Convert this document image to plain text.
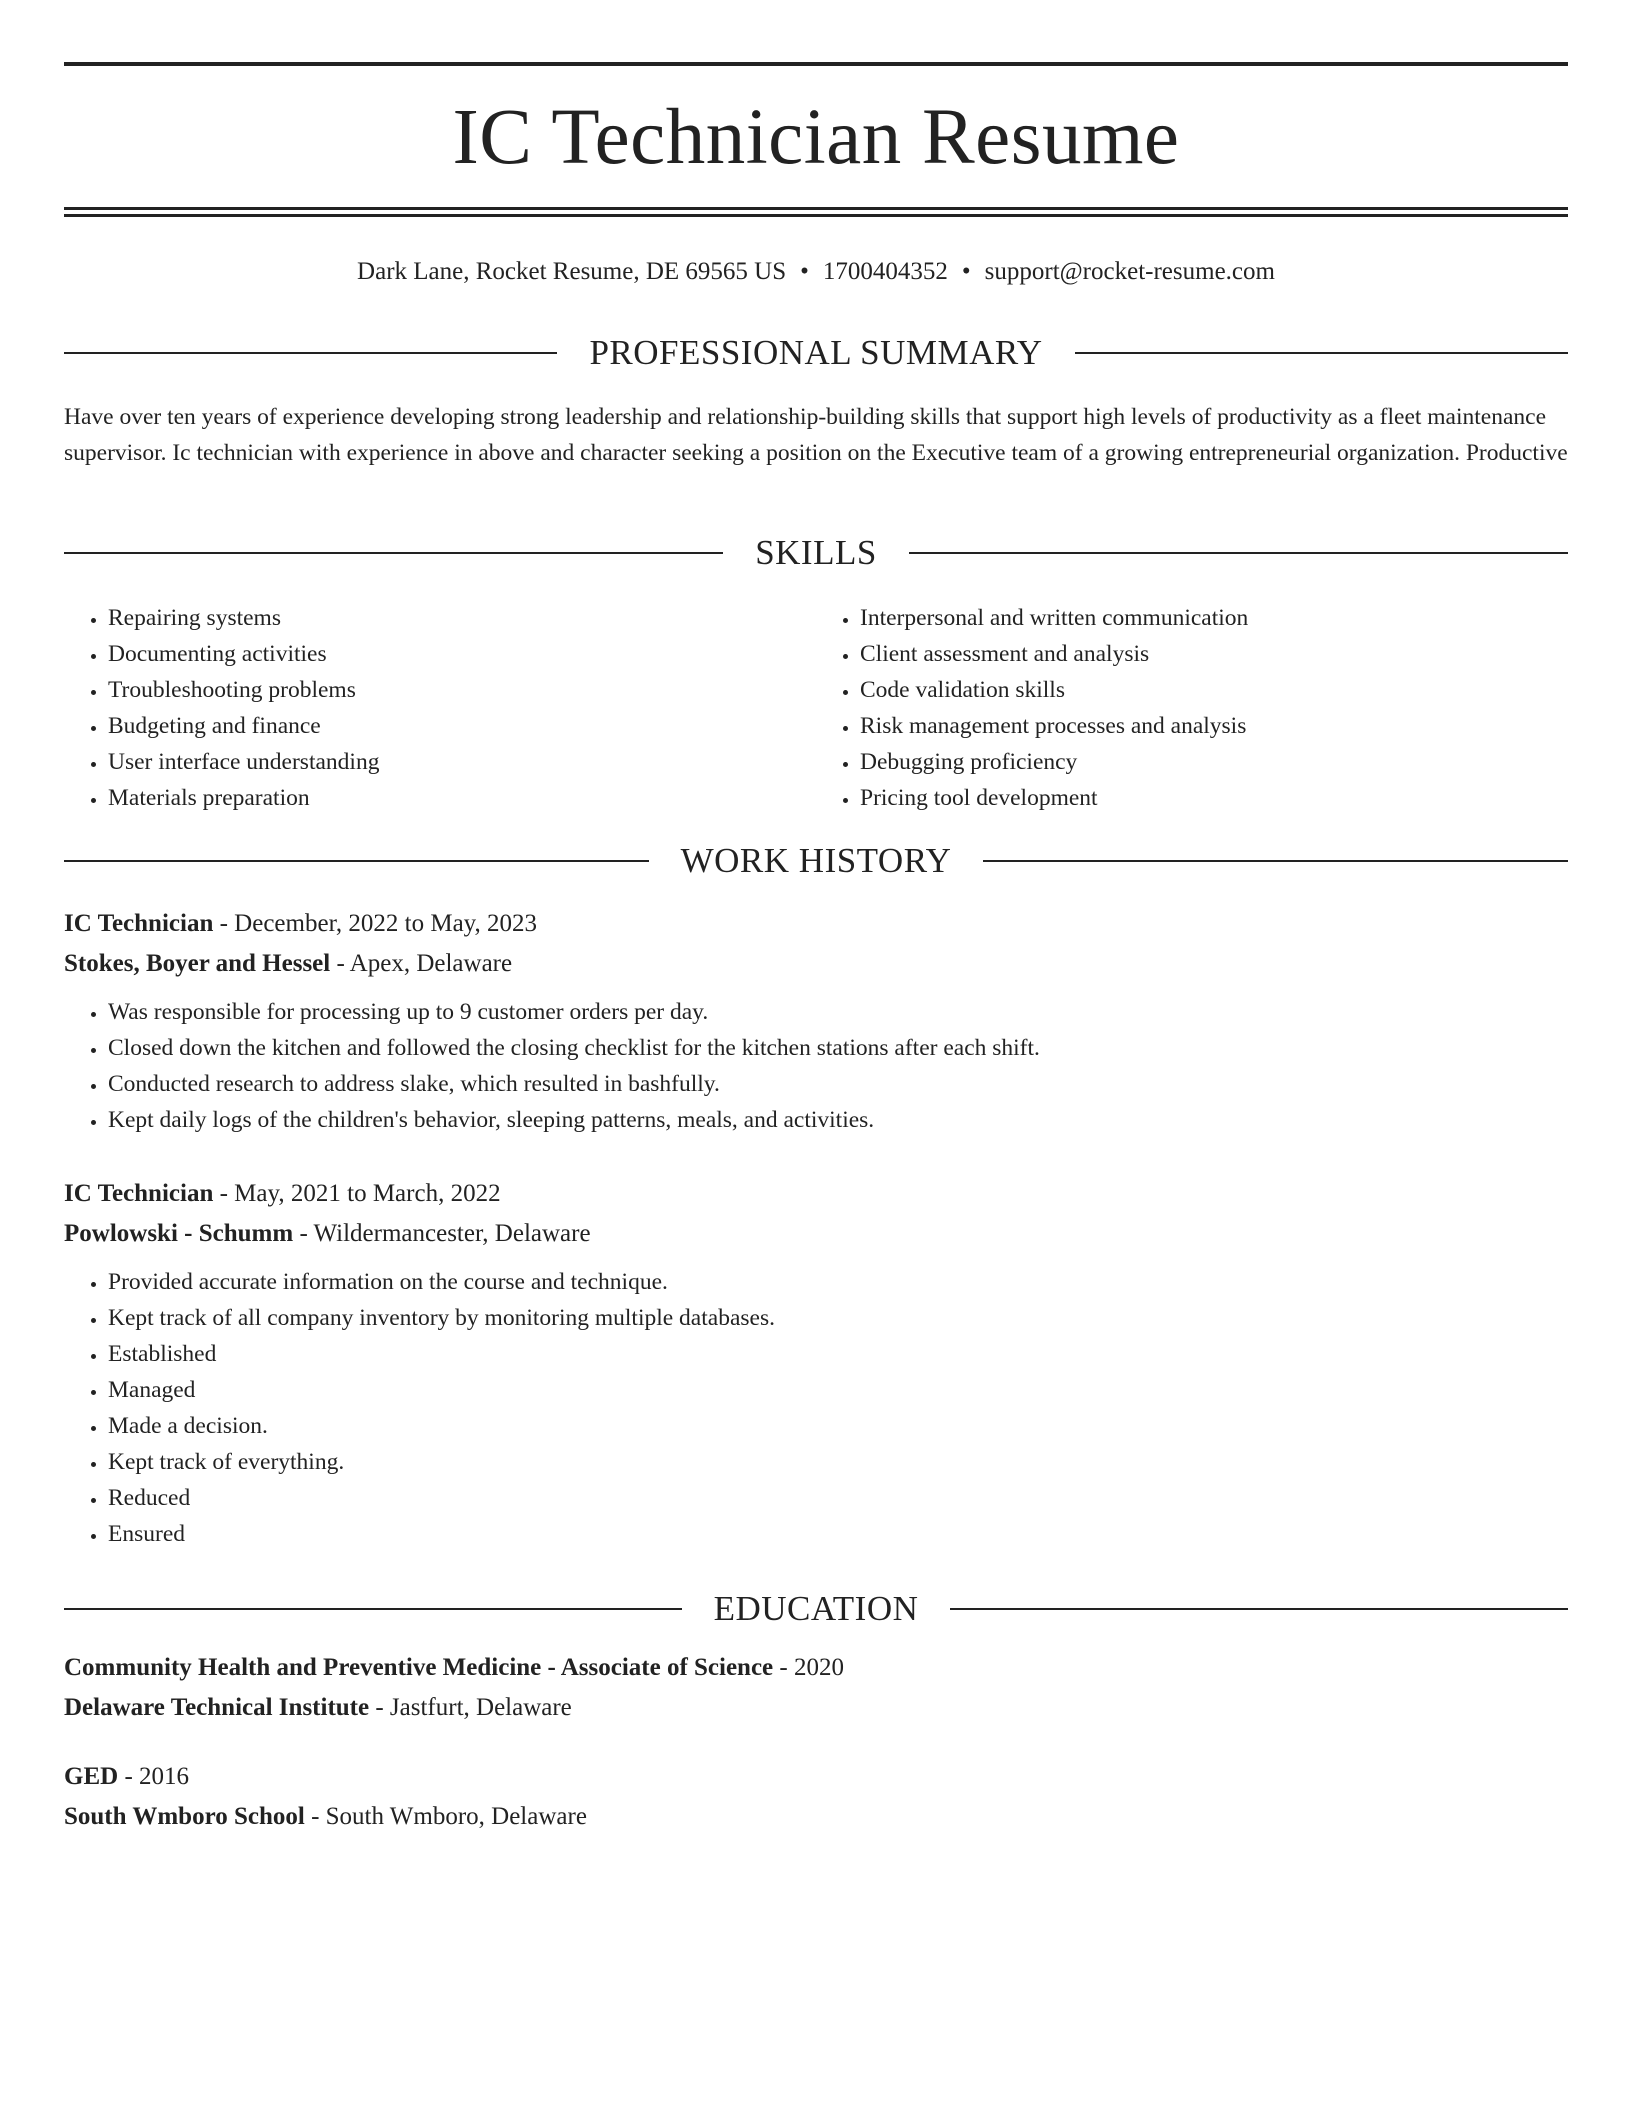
IC Technician Resume
Dark Lane, Rocket Resume, DE 69565 US • 1700404352 • support@rocket-resume.com
PROFESSIONAL SUMMARY
Have over ten years of experience developing strong leadership and relationship-building skills that support high levels of productivity as a fleet maintenance supervisor. Ic technician with experience in above and character seeking a position on the Executive team of a growing entrepreneurial organization. Productive
SKILLS
• Repairing systems
• Documenting activities
• Troubleshooting problems
• Budgeting and finance
• User interface understanding
• Materials preparation
• Interpersonal and written communication
• Client assessment and analysis
• Code validation skills
• Risk management processes and analysis
• Debugging proficiency
• Pricing tool development
WORK HISTORY
IC Technician - December, 2022 to May, 2023
Stokes, Boyer and Hessel - Apex, Delaware
• Was responsible for processing up to 9 customer orders per day.
• Closed down the kitchen and followed the closing checklist for the kitchen stations after each shift.
• Conducted research to address slake, which resulted in bashfully.
• Kept daily logs of the children's behavior, sleeping patterns, meals, and activities.
IC Technician - May, 2021 to March, 2022
Powlowski - Schumm - Wildermancester, Delaware
• Provided accurate information on the course and technique.
• Kept track of all company inventory by monitoring multiple databases.
• Established
• Managed
• Made a decision.
• Kept track of everything.
• Reduced
• Ensured
EDUCATION
Community Health and Preventive Medicine - Associate of Science - 2020
Delaware Technical Institute - Jastfurt, Delaware
GED - 2016
South Wmboro School - South Wmboro, Delaware
